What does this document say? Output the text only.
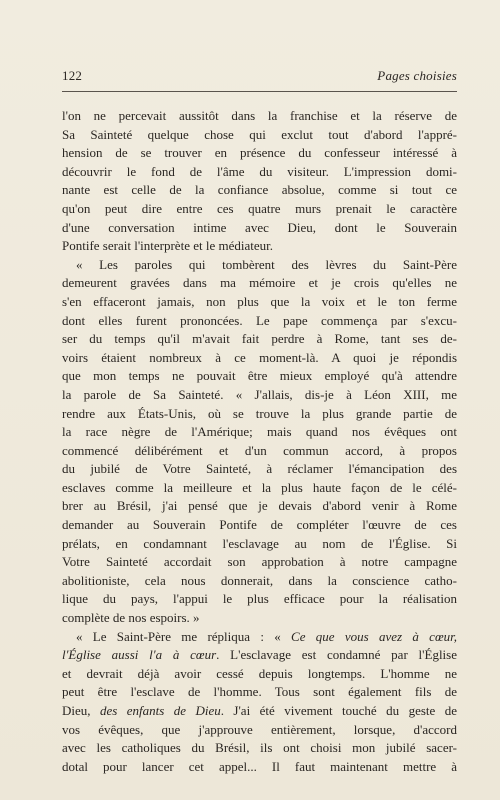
122	Pages choisies
l'on ne percevait aussitôt dans la franchise et la réserve de
Sa Sainteté quelque chose qui exclut tout d'abord l'appré-
hension de se trouver en présence du confesseur intéressé à
découvrir le fond de l'âme du visiteur. L'impression domi-
nante est celle de la confiance absolue, comme si tout ce
qu'on peut dire entre ces quatre murs prenait le caractère
d'une conversation intime avec Dieu, dont le Souverain
Pontife serait l'interprète et le médiateur.
« Les paroles qui tombèrent des lèvres du Saint-Père
demeurent gravées dans ma mémoire et je crois qu'elles ne
s'en effaceront jamais, non plus que la voix et le ton ferme
dont elles furent prononcées. Le pape commença par s'excu-
ser du temps qu'il m'avait fait perdre à Rome, tant ses de-
voirs étaient nombreux à ce moment-là. A quoi je répondis
que mon temps ne pouvait être mieux employé qu'à attendre
la parole de Sa Sainteté. « J'allais, dis-je à Léon XIII, me
rendre aux États-Unis, où se trouve la plus grande partie de
la race nègre de l'Amérique; mais quand nos évêques ont
commencé délibérément et d'un commun accord, à propos
du jubilé de Votre Sainteté, à réclamer l'émancipation des
esclaves comme la meilleure et la plus haute façon de le célé-
brer au Brésil, j'ai pensé que je devais d'abord venir à Rome
demander au Souverain Pontife de compléter l'œuvre de ces
prélats, en condamnant l'esclavage au nom de l'Église. Si
Votre Sainteté accordait son approbation à notre campagne
abolitioniste, cela nous donnerait, dans la conscience catho-
lique du pays, l'appui le plus efficace pour la réalisation
complète de nos espoirs. »
« Le Saint-Père me répliqua : « Ce que vous avez à cœur,
l'Église aussi l'a à cœur. L'esclavage est condamné par l'Église
et devrait déjà avoir cessé depuis longtemps. L'homme ne
peut être l'esclave de l'homme. Tous sont également fils de
Dieu, des enfants de Dieu. J'ai été vivement touché du geste de
vos évêques, que j'approuve entièrement, lorsque, d'accord
avec les catholiques du Brésil, ils ont choisi mon jubilé sacer-
dotal pour lancer cet appel... Il faut maintenant mettre à
